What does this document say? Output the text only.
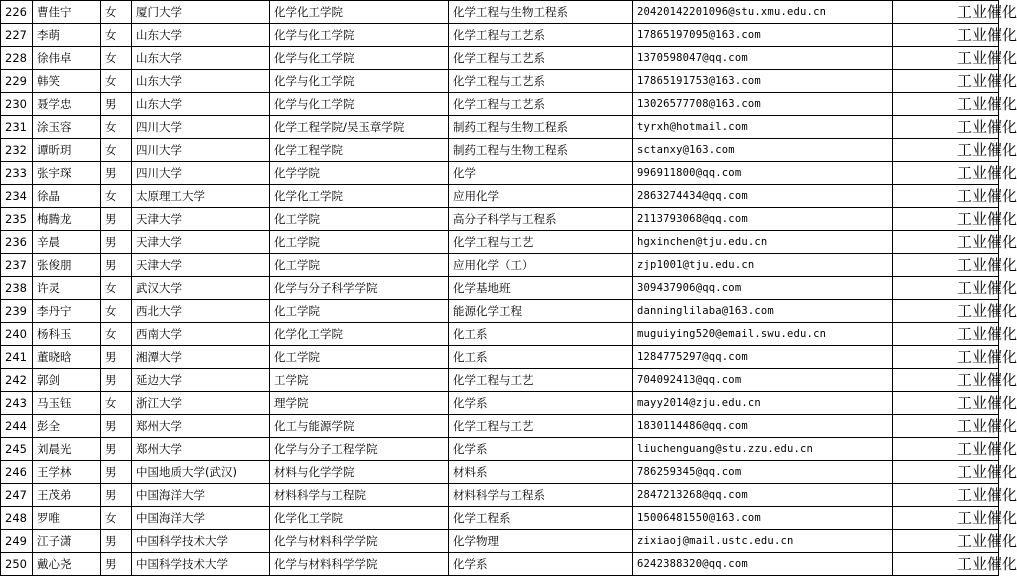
226	曹佳宁	女	厦门大学	化学化工学院	化学工程与生物工程系	20420142201096@stu.xmu.edu.cn	工业催化

227	李萌	女	山东大学	化学与化工学院	化学工程与工艺系	17865197095@163.com	工业催化

228	徐伟卓	女	山东大学	化学与化工学院	化学工程与工艺系	1370598047@qq.com	工业催化

229	韩笑	女	山东大学	化学与化工学院	化学工程与工艺系	17865191753@163.com	工业催化

230	聂学忠	男	山东大学	化学与化工学院	化学工程与工艺系	13026577708@163.com	工业催化

231	涂玉容	女	四川大学	化学工程学院/吴玉章学院	制药工程与生物工程系	tyrxh@hotmail.com	工业催化

232	谭昕玥	女	四川大学	化学工程学院	制药工程与生物工程系	sctanxy@163.com	工业催化

233	张宇琛	男	四川大学	化学学院	化学	996911800@qq.com	工业催化

234	徐晶	女	太原理工大学	化学化工学院	应用化学	2863274434@qq.com	工业催化

235	梅腾龙	男	天津大学	化工学院	高分子科学与工程系	2113793068@qq.com	工业催化

236	辛晨	男	天津大学	化工学院	化学工程与工艺	hgxinchen@tju.edu.cn	工业催化

237	张俊朋	男	天津大学	化工学院	应用化学（工）	zjp1001@tju.edu.cn	工业催化

238	许灵	女	武汉大学	化学与分子科学学院	化学基地班	309437906@qq.com	工业催化

239	李丹宁	女	西北大学	化工学院	能源化学工程	danninglilaba@163.com	工业催化

240	杨科玉	女	西南大学	化学化工学院	化工系	muguiying520@email.swu.edu.cn	工业催化

241	董晓晗	男	湘潭大学	化工学院	化工系	1284775297@qq.com	工业催化

242	郭剑	男	延边大学	工学院	化学工程与工艺	704092413@qq.com	工业催化

243	马玉钰	女	浙江大学	理学院	化学系	mayy2014@zju.edu.cn	工业催化

244	彭全	男	郑州大学	化工与能源学院	化学工程与工艺	1830114486@qq.com	工业催化

245	刘晨光	男	郑州大学	化学与分子工程学院	化学系	liuchenguang@stu.zzu.edu.cn	工业催化

246	王学林	男	中国地质大学(武汉)	材料与化学学院	材料系	786259345@qq.com	工业催化

247	王茂弟	男	中国海洋大学	材料科学与工程院	材料科学与工程系	2847213268@qq.com	工业催化

248	罗唯	女	中国海洋大学	化学化工学院	化学工程系	15006481550@163.com	工业催化

249	江子潇	男	中国科学技术大学	化学与材料科学学院	化学物理	zixiaoj@mail.ustc.edu.cn	工业催化

250	戴心尧	男	中国科学技术大学	化学与材料科学学院	化学系	6242388320@qq.com	工业催化
